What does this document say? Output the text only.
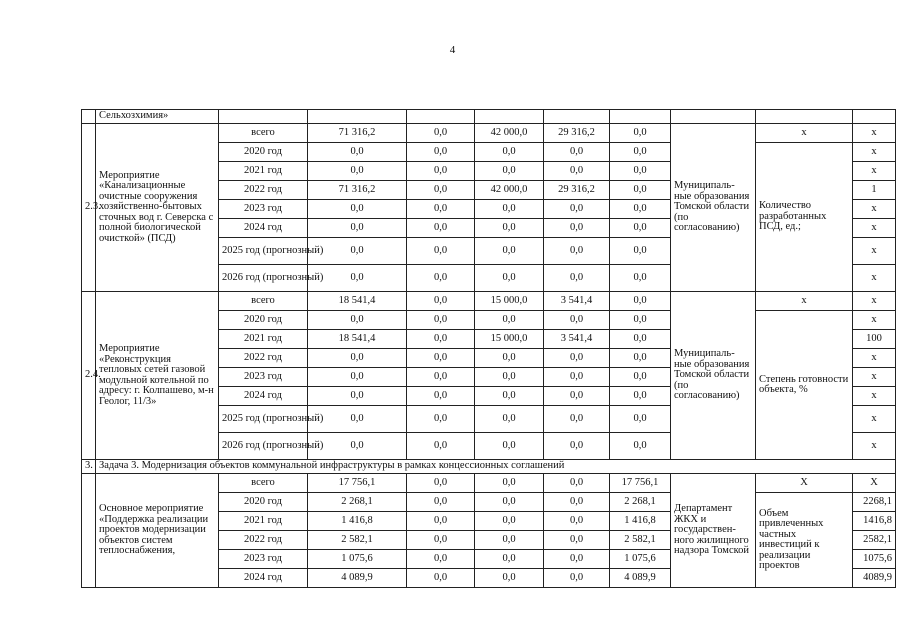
4
	Сельхозхимия»									
2.3.	Мероприятие «Канализационные очистные сооружения хозяйственно-бытовых сточных вод г. Северска с полной биологической очисткой» (ПСД)	всего	71 316,2	0,0	42 000,0	29 316,2	0,0	Муниципаль-ные образования Томской области (по согласованию)	х	х
		2020 год	0,0	0,0	0,0	0,0	0,0		Количество разработанных ПСД, ед.;	х
		2021 год	0,0	0,0	0,0	0,0	0,0			х
		2022 год	71 316,2	0,0	42 000,0	29 316,2	0,0			1
		2023 год	0,0	0,0	0,0	0,0	0,0			х
		2024 год	0,0	0,0	0,0	0,0	0,0			х
		2025 год (прогнозный)	0,0	0,0	0,0	0,0	0,0			х
		2026 год (прогнозный)	0,0	0,0	0,0	0,0	0,0			х
2.4.	Мероприятие «Реконструкция тепловых сетей газовой модульной котельной по адресу: г. Колпашево, м-н Геолог, 11/3»	всего	18 541,4	0,0	15 000,0	3 541,4	0,0	Муниципаль-ные образования Томской области (по согласованию)	х	х
		2020 год	0,0	0,0	0,0	0,0	0,0		Степень готовности объекта, %	х
		2021 год	18 541,4	0,0	15 000,0	3 541,4	0,0			100
		2022 год	0,0	0,0	0,0	0,0	0,0			х
		2023 год	0,0	0,0	0,0	0,0	0,0			х
		2024 год	0,0	0,0	0,0	0,0	0,0			х
		2025 год (прогнозный)	0,0	0,0	0,0	0,0	0,0			х
		2026 год (прогнозный)	0,0	0,0	0,0	0,0	0,0			х
3.	Задача 3. Модернизация объектов коммунальной инфраструктуры в рамках концессионных соглашений									
	Основное мероприятие «Поддержка реализации проектов модернизации объектов систем теплоснабжения,	всего	17 756,1	0,0	0,0	0,0	17 756,1	Департамент ЖКХ и государствен-ного жилищного надзора Томской	Х	Х
		2020 год	2 268,1	0,0	0,0	0,0	2 268,1		Объем привлеченных частных инвестиций к реализации проектов	2268,1
		2021 год	1 416,8	0,0	0,0	0,0	1 416,8			1416,8
		2022 год	2 582,1	0,0	0,0	0,0	2 582,1			2582,1
		2023 год	1 075,6	0,0	0,0	0,0	1 075,6			1075,6
		2024 год	4 089,9	0,0	0,0	0,0	4 089,9			4089,9
